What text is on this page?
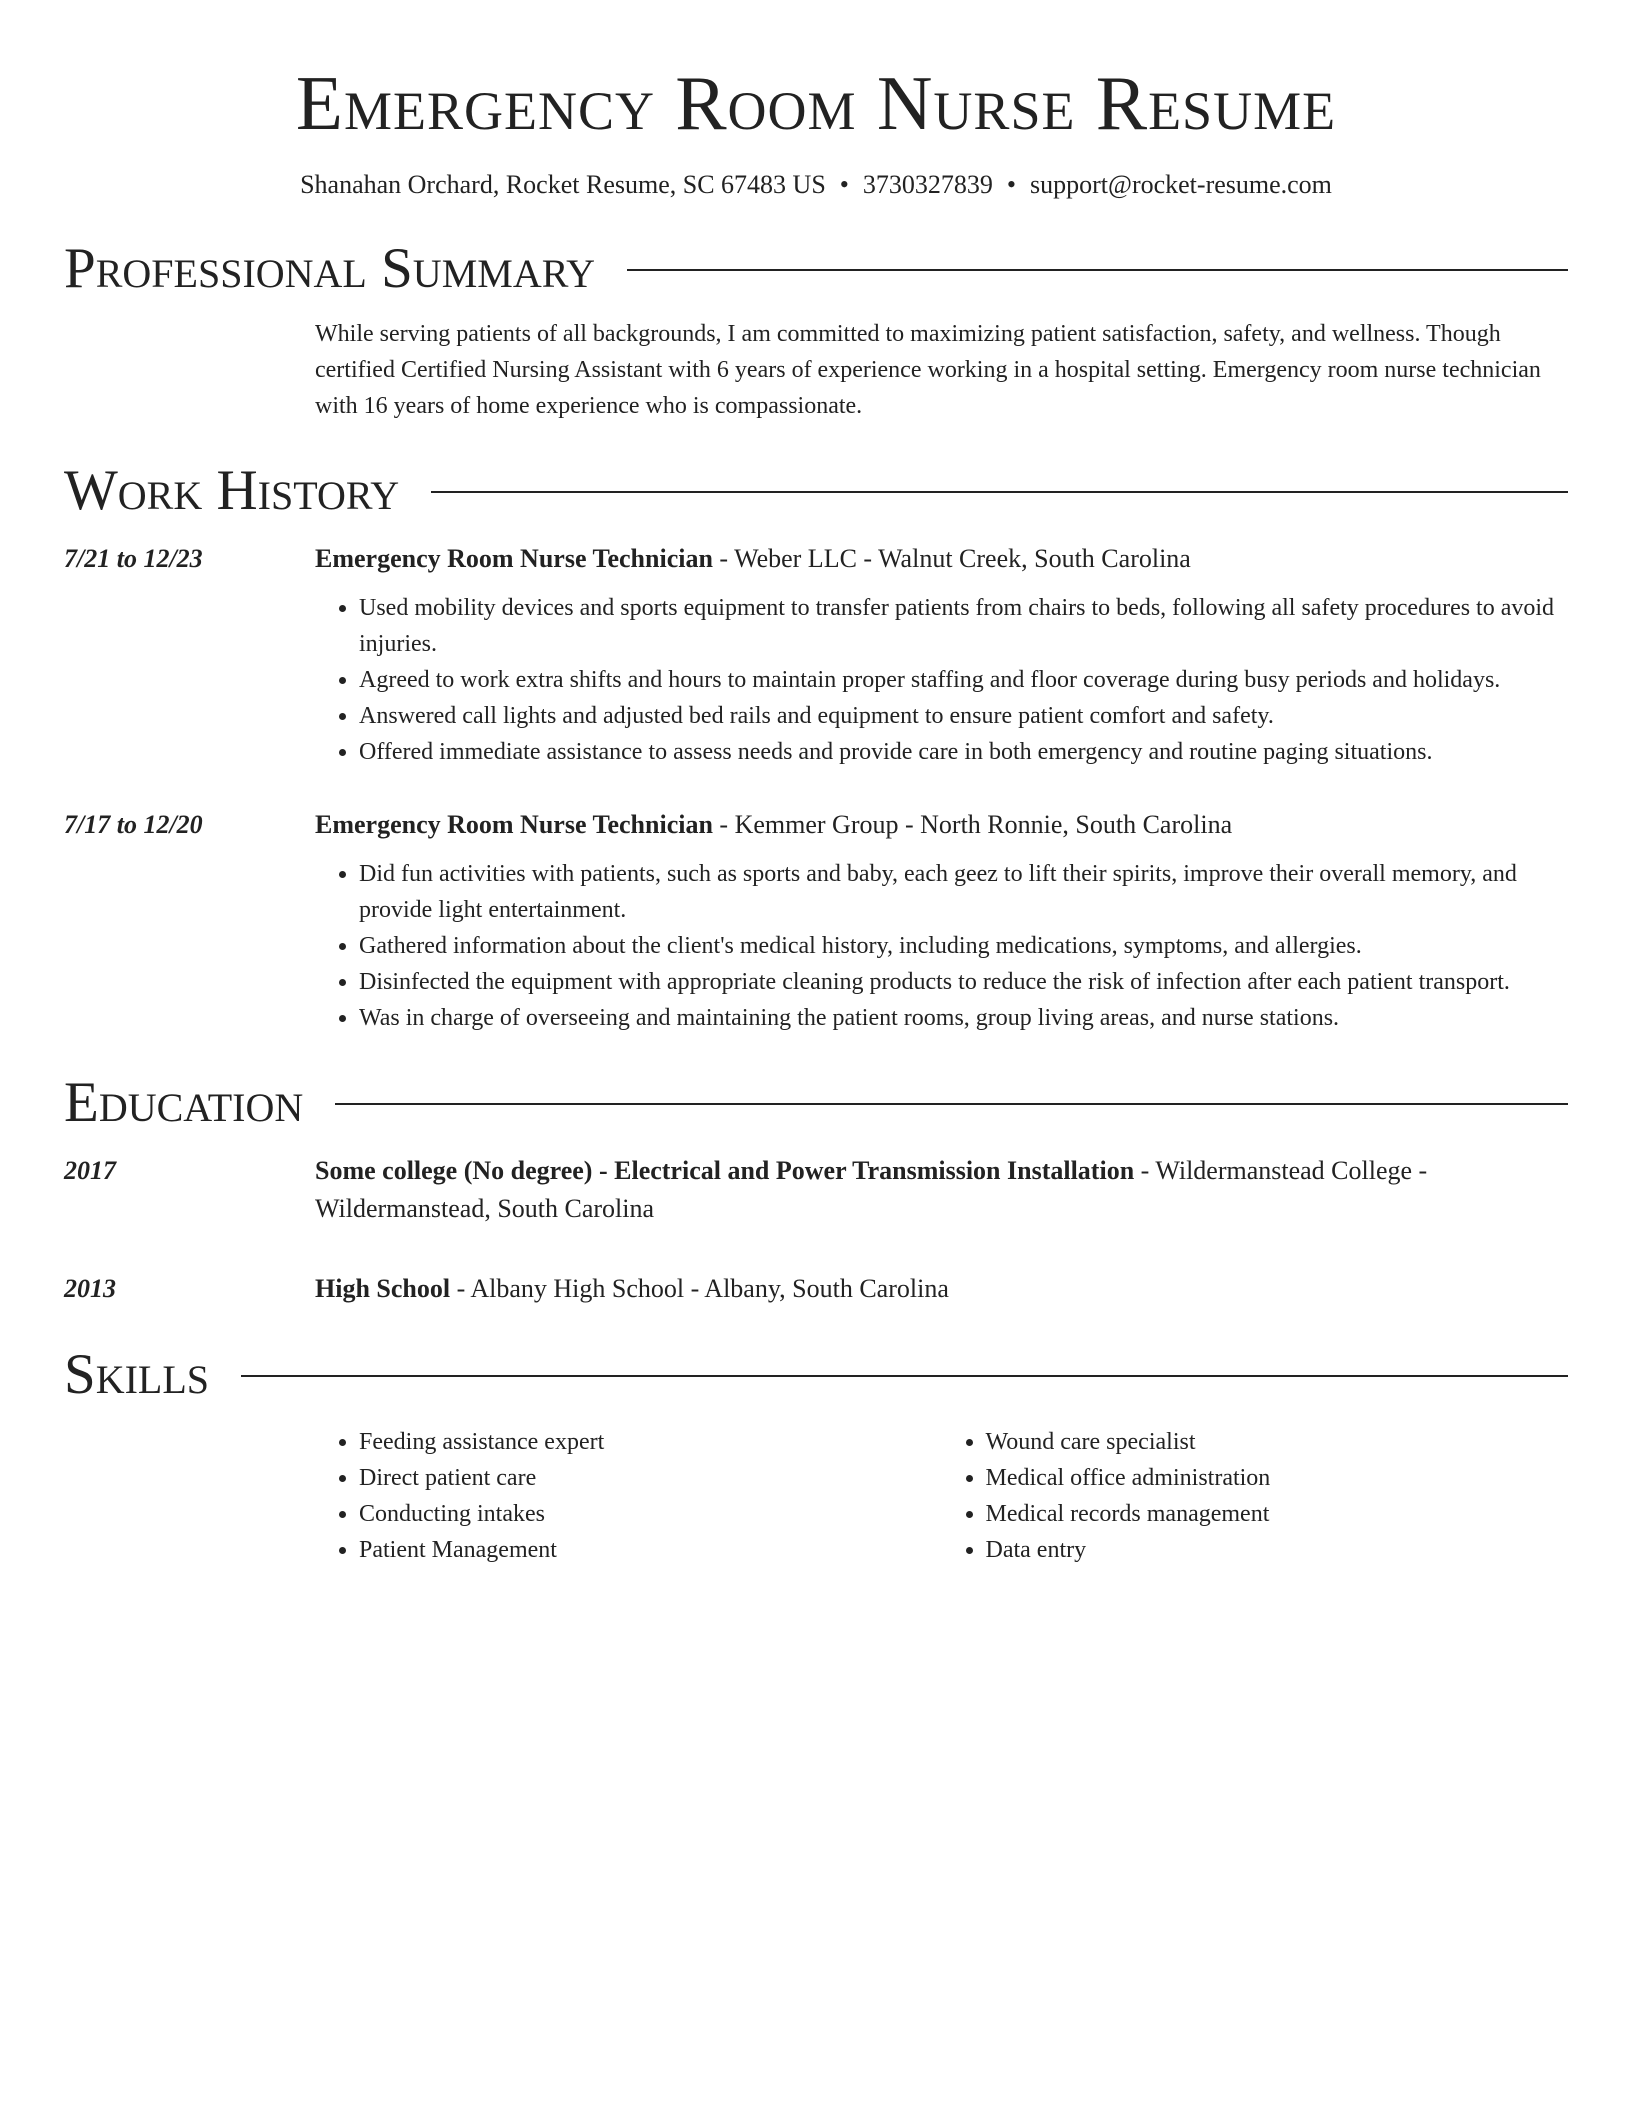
Emergency Room Nurse Resume
Shanahan Orchard, Rocket Resume, SC 67483 US • 3730327839 • support@rocket-resume.com
Professional Summary
While serving patients of all backgrounds, I am committed to maximizing patient satisfaction, safety, and wellness. Though certified Certified Nursing Assistant with 6 years of experience working in a hospital setting. Emergency room nurse technician with 16 years of home experience who is compassionate.
Work History
7/21 to 12/23	Emergency Room Nurse Technician - Weber LLC - Walnut Creek, South Carolina
• Used mobility devices and sports equipment to transfer patients from chairs to beds, following all safety procedures to avoid injuries.
• Agreed to work extra shifts and hours to maintain proper staffing and floor coverage during busy periods and holidays.
• Answered call lights and adjusted bed rails and equipment to ensure patient comfort and safety.
• Offered immediate assistance to assess needs and provide care in both emergency and routine paging situations.
7/17 to 12/20	Emergency Room Nurse Technician - Kemmer Group - North Ronnie, South Carolina
• Did fun activities with patients, such as sports and baby, each geez to lift their spirits, improve their overall memory, and provide light entertainment.
• Gathered information about the client's medical history, including medications, symptoms, and allergies.
• Disinfected the equipment with appropriate cleaning products to reduce the risk of infection after each patient transport.
• Was in charge of overseeing and maintaining the patient rooms, group living areas, and nurse stations.
Education
2017	Some college (No degree) - Electrical and Power Transmission Installation - Wildermanstead College - Wildermanstead, South Carolina
2013	High School - Albany High School - Albany, South Carolina
Skills
• Feeding assistance expert
• Direct patient care
• Conducting intakes
• Patient Management
• Wound care specialist
• Medical office administration
• Medical records management
• Data entry
